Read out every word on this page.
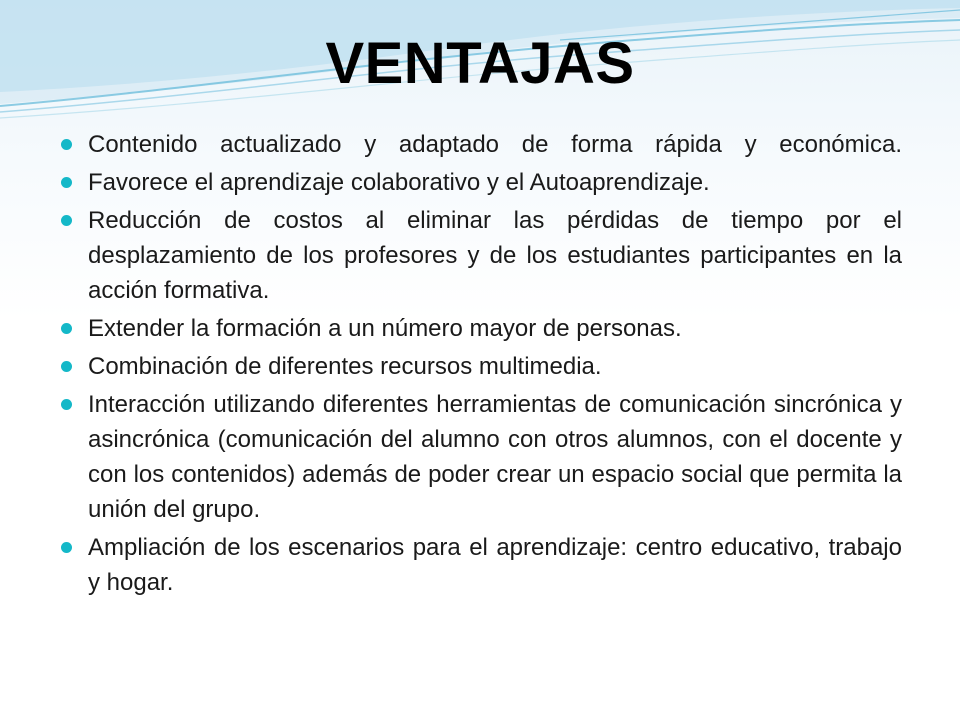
VENTAJAS
Contenido actualizado y adaptado de forma rápida y económica.
Favorece el aprendizaje colaborativo y el Autoaprendizaje.
Reducción de costos al eliminar las pérdidas de tiempo por el desplazamiento de los profesores y de los estudiantes participantes en la acción formativa.
Extender la formación a un número mayor de personas.
Combinación de diferentes recursos multimedia.
Interacción utilizando diferentes herramientas de comunicación sincrónica y asincrónica (comunicación del alumno con otros alumnos, con el docente y con los contenidos) además de poder crear un espacio social que permita la unión del grupo.
Ampliación de los escenarios para el aprendizaje: centro educativo, trabajo y hogar.
